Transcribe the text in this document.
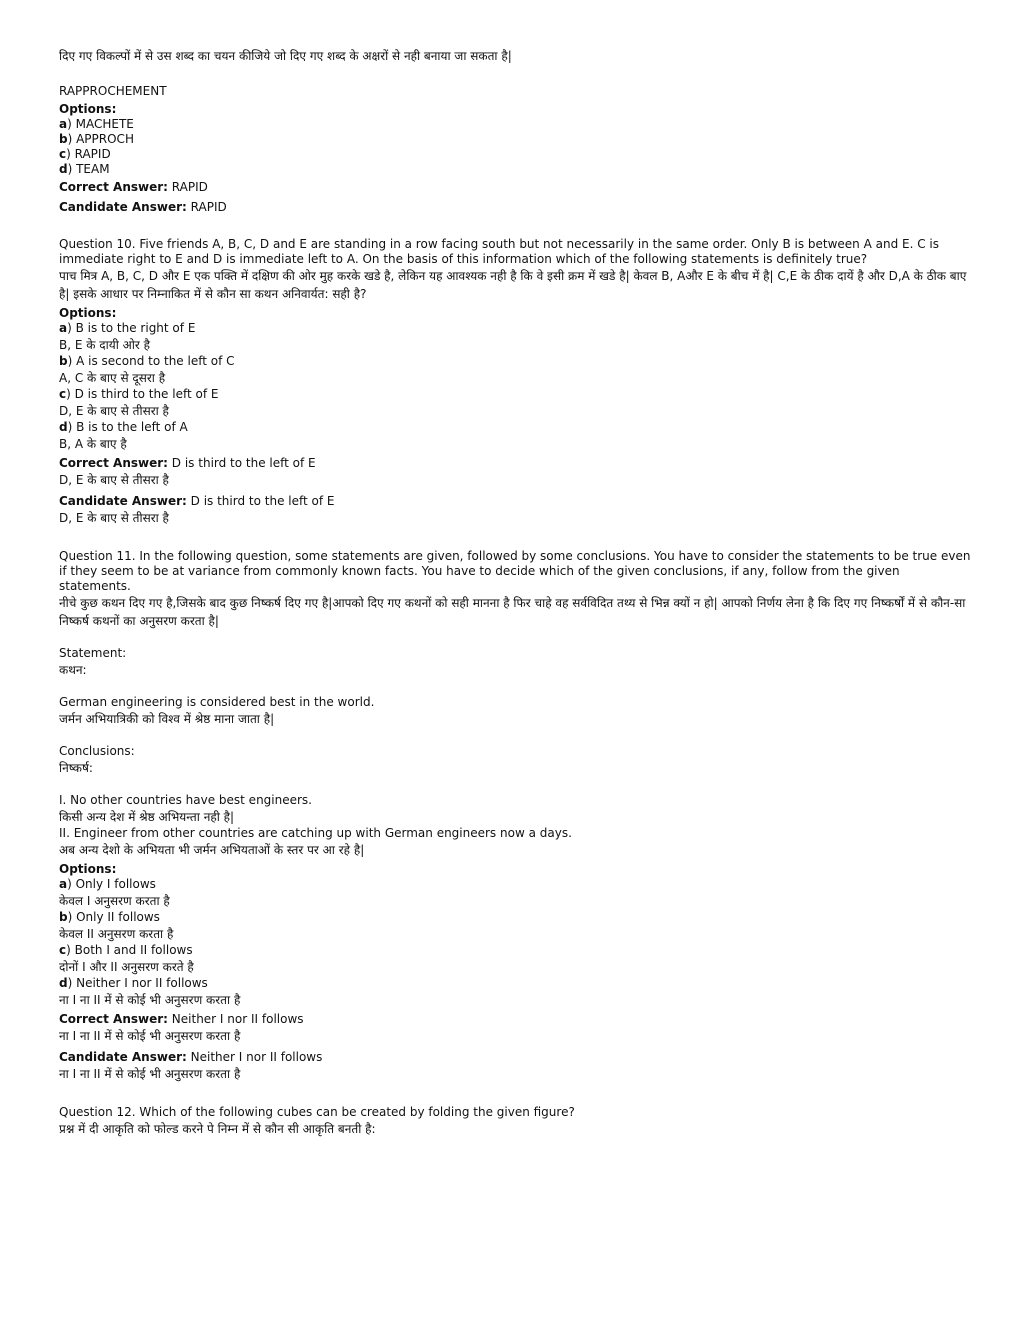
दिए गए विकल्पों में से उस शब्द का चयन कीजिये जो दिए गए शब्द के अक्षरों से नही बनाया जा सकता है|
RAPPROCHEMENT
Options:
a) MACHETE
b) APPROCH
c) RAPID
d) TEAM
Correct Answer: RAPID
Candidate Answer: RAPID
Question 10. Five friends A, B, C, D and E are standing in a row facing south but not necessarily in the same order. Only B is between A and E. C is immediate right to E and D is immediate left to A. On the basis of this information which of the following statements is definitely true?
पाच मित्र A, B, C, D और E एक पक्ति में दक्षिण की ओर मुह करके खडे है, लेकिन यह आवश्यक नही है कि वे इसी क्रम में खडे है| केवल B, Aऔर E के बीच में है| C,E के ठीक दायें है और D,A के ठीक बाए है| इसके आधार पर निम्नाकित में से कौन सा कथन अनिवार्यत: सही है?
Options:
a) B is to the right of E
B, E के दायी ओर है
b) A is second to the left of C
A, C के बाए से दूसरा है
c) D is third to the left of E
D, E के बाए से तीसरा है
d) B is to the left of A
B, A के बाए है
Correct Answer: D is third to the left of E
D, E के बाए से तीसरा है
Candidate Answer: D is third to the left of E
D, E के बाए से तीसरा है
Question 11. In the following question, some statements are given, followed by some conclusions. You have to consider the statements to be true even if they seem to be at variance from commonly known facts. You have to decide which of the given conclusions, if any, follow from the given statements.
नीचे कुछ कथन दिए गए है,जिसके बाद कुछ निष्कर्ष दिए गए है|आपको दिए गए कथनों को सही मानना है फिर चाहे वह सर्वविदित तथ्य से भिन्न क्यों न हो| आपको निर्णय लेना है कि दिए गए निष्कर्षों में से कौन-सा निष्कर्ष कथनों का अनुसरण करता है|
Statement:
कथन:
German engineering is considered best in the world.
जर्मन अभियात्रिकी को विश्व में श्रेष्ठ माना जाता है|
Conclusions:
निष्कर्ष:
I. No other countries have best engineers.
किसी अन्य देश में श्रेष्ठ अभियन्ता नही है|
II. Engineer from other countries are catching up with German engineers now a days.
अब अन्य देशो के अभियता भी जर्मन अभियताओं के स्तर पर आ रहे है|
Options:
a) Only I follows
केवल I अनुसरण करता है
b) Only II follows
केवल II अनुसरण करता है
c) Both I and II follows
दोनों I और II अनुसरण करते है
d) Neither I nor II follows
ना I ना II में से कोई भी अनुसरण करता है
Correct Answer: Neither I nor II follows
ना I ना II में से कोई भी अनुसरण करता है
Candidate Answer: Neither I nor II follows
ना I ना II में से कोई भी अनुसरण करता है
Question 12. Which of the following cubes can be created by folding the given figure?
प्रश्न में दी आकृति को फोल्ड करने पे निम्न में से कौन सी आकृति बनती है:
